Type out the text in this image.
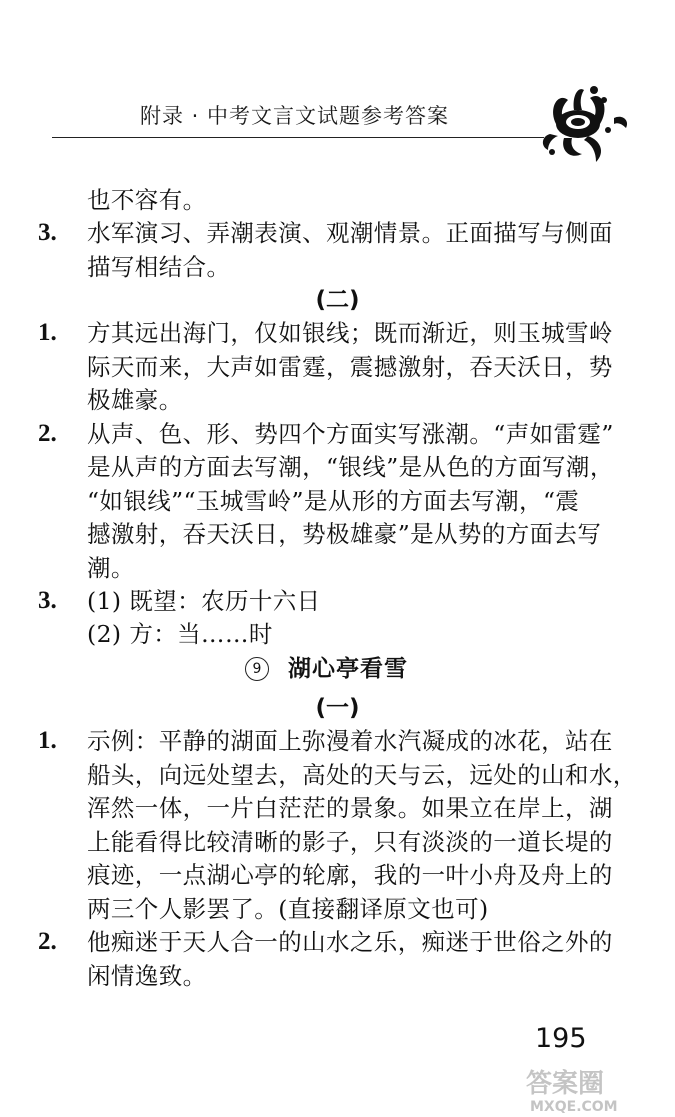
附录 · 中考文言文试题参考答案
也不容有。
3. 水军演习、弄潮表演、观潮情景。正面描写与侧面
描写相结合。
(二)
1. 方其远出海门，仅如银线；既而渐近，则玉城雪岭
际天而来，大声如雷霆，震撼激射，吞天沃日，势
极雄豪。
2. 从声、色、形、势四个方面实写涨潮。“声如雷霆”
是从声的方面去写潮，“银线”是从色的方面写潮，
“如银线”“玉城雪岭”是从形的方面去写潮，“震
撼激射，吞天沃日，势极雄豪”是从势的方面去写
潮。
3. (1) 既望：农历十六日
(2) 方：当……时
9	湖心亭看雪
(一)
1. 示例：平静的湖面上弥漫着水汽凝成的冰花，站在
船头，向远处望去，高处的天与云，远处的山和水，
浑然一体，一片白茫茫的景象。如果立在岸上，湖
上能看得比较清晰的影子，只有淡淡的一道长堤的
痕迹，一点湖心亭的轮廓，我的一叶小舟及舟上的
两三个人影罢了。(直接翻译原文也可)
2. 他痴迷于天人合一的山水之乐，痴迷于世俗之外的
闲情逸致。
195
答案圈
MXQE.COM
